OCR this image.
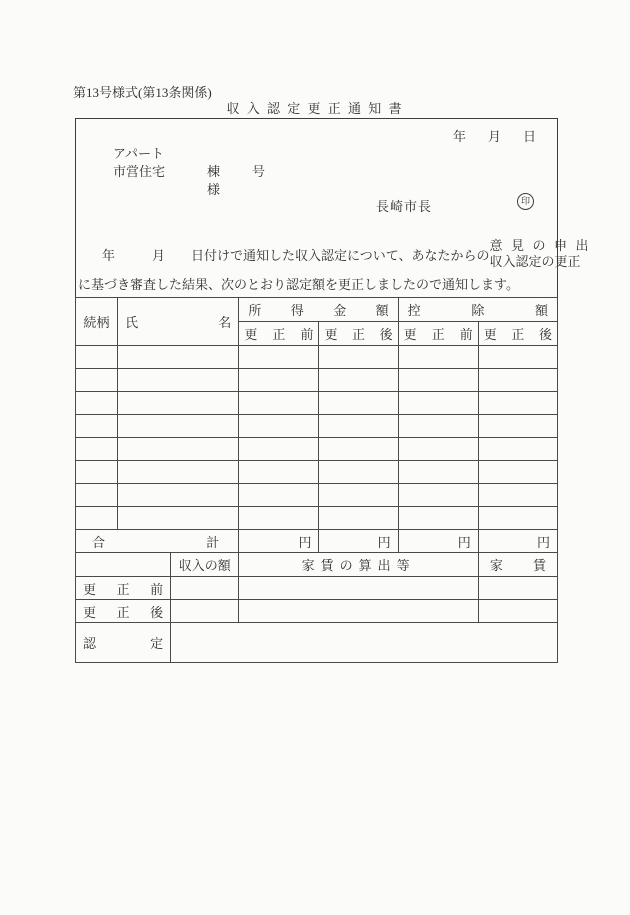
第13号様式(第13条関係)
収 入 認 定 更 正 通 知 書
年 月 日
アパート
市営住宅	棟 号
様
長崎市長	印
年	月 日付けで通知した収入認定について、あなたからの
意 見 の 申 出
収入認定の更正
に基づき審査した結果、次のとおり認定額を更正しましたので通知します。
続柄	氏 名	所 得 金 額		控　除　額	
		更 正 前	更 正 後	更 正 前	更 正 後

合 計		円	円	円	円
	収入の額	家賃の算出等	家 賃
更 正 前			
更 正 後			
認 定			
